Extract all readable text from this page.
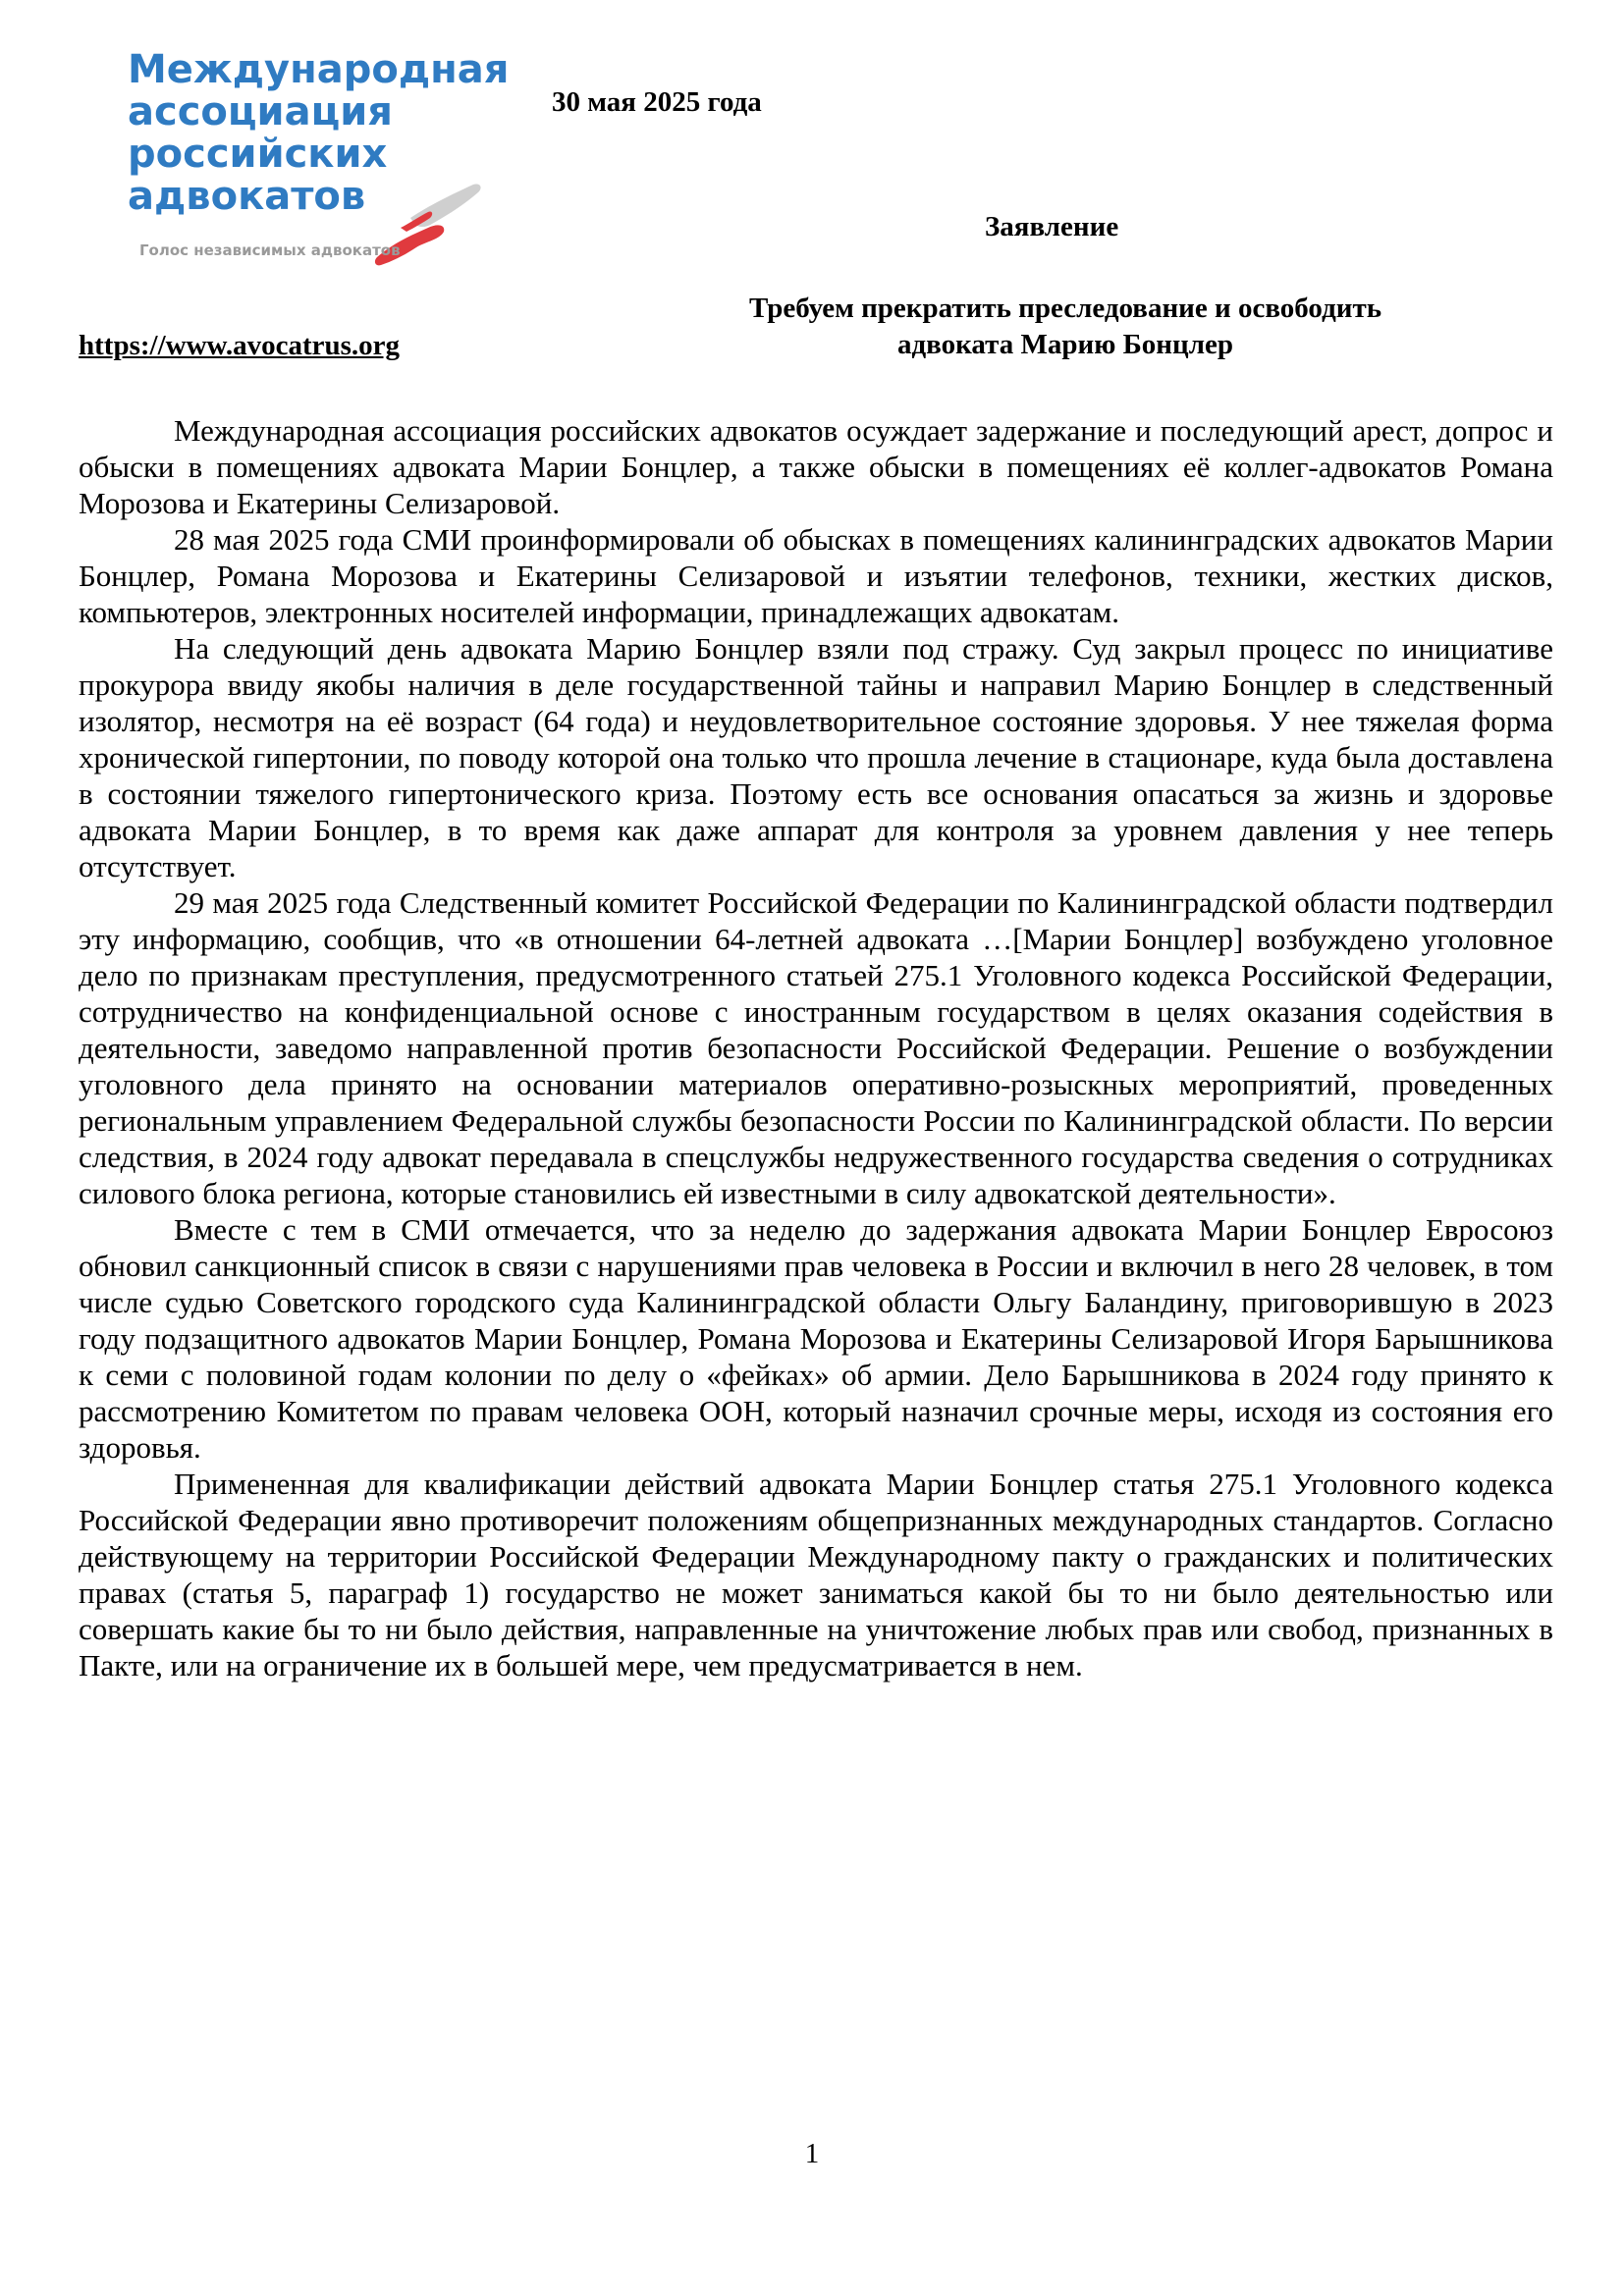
Международная
ассоциация
российских
адвокатов
Голос независимых адвокатов
30 мая 2025 года
Заявление
Требуем прекратить преследование и освободить
адвоката Марию Бонцлер
https://www.avocatrus.org

Международная ассоциация российских адвокатов осуждает задержание и последующий арест, допрос и обыски в помещениях адвоката Марии Бонцлер, а также обыски в помещениях её коллег-адвокатов Романа Морозова и Екатерины Селизаровой.

28 мая 2025 года СМИ проинформировали об обысках в помещениях калининградских адвокатов Марии Бонцлер, Романа Морозова и Екатерины Селизаровой и изъятии телефонов, техники, жестких дисков, компьютеров, электронных носителей информации, принадлежащих адвокатам.

На следующий день адвоката Марию Бонцлер взяли под стражу. Суд закрыл процесс по инициативе прокурора ввиду якобы наличия в деле государственной тайны и направил Марию Бонцлер в следственный изолятор, несмотря на её возраст (64 года) и неудовлетворительное состояние здоровья. У нее тяжелая форма хронической гипертонии, по поводу которой она только что прошла лечение в стационаре, куда была доставлена в состоянии тяжелого гипертонического криза. Поэтому есть все основания опасаться за жизнь и здоровье адвоката Марии Бонцлер, в то время как даже аппарат для контроля за уровнем давления у нее теперь отсутствует.

29 мая 2025 года Следственный комитет Российской Федерации по Калининградской области подтвердил эту информацию, сообщив, что «в отношении 64-летней адвоката …[Марии Бонцлер] возбуждено уголовное дело по признакам преступления, предусмотренного статьей 275.1 Уголовного кодекса Российской Федерации, сотрудничество на конфиденциальной основе с иностранным государством в целях оказания содействия в деятельности, заведомо направленной против безопасности Российской Федерации. Решение о возбуждении уголовного дела принято на основании материалов оперативно-розыскных мероприятий, проведенных региональным управлением Федеральной службы безопасности России по Калининградской области. По версии следствия, в 2024 году адвокат передавала в спецслужбы недружественного государства сведения о сотрудниках силового блока региона, которые становились ей известными в силу адвокатской деятельности».

Вместе с тем в СМИ отмечается, что за неделю до задержания адвоката Марии Бонцлер Евросоюз обновил санкционный список в связи с нарушениями прав человека в России и включил в него 28 человек, в том числе судью Советского городского суда Калининградской области Ольгу Баландину, приговорившую в 2023 году подзащитного адвокатов Марии Бонцлер, Романа Морозова и Екатерины Селизаровой Игоря Барышникова к семи с половиной годам колонии по делу о «фейках» об армии. Дело Барышникова в 2024 году принято к рассмотрению Комитетом по правам человека ООН, который назначил срочные меры, исходя из состояния его здоровья.

Примененная для квалификации действий адвоката Марии Бонцлер статья 275.1 Уголовного кодекса Российской Федерации явно противоречит положениям общепризнанных международных стандартов. Согласно действующему на территории Российской Федерации Международному пакту о гражданских и политических правах (статья 5, параграф 1) государство не может заниматься какой бы то ни было деятельностью или совершать какие бы то ни было действия, направленные на уничтожение любых прав или свобод, признанных в Пакте, или на ограничение их в большей мере, чем предусматривается в нем.

1
